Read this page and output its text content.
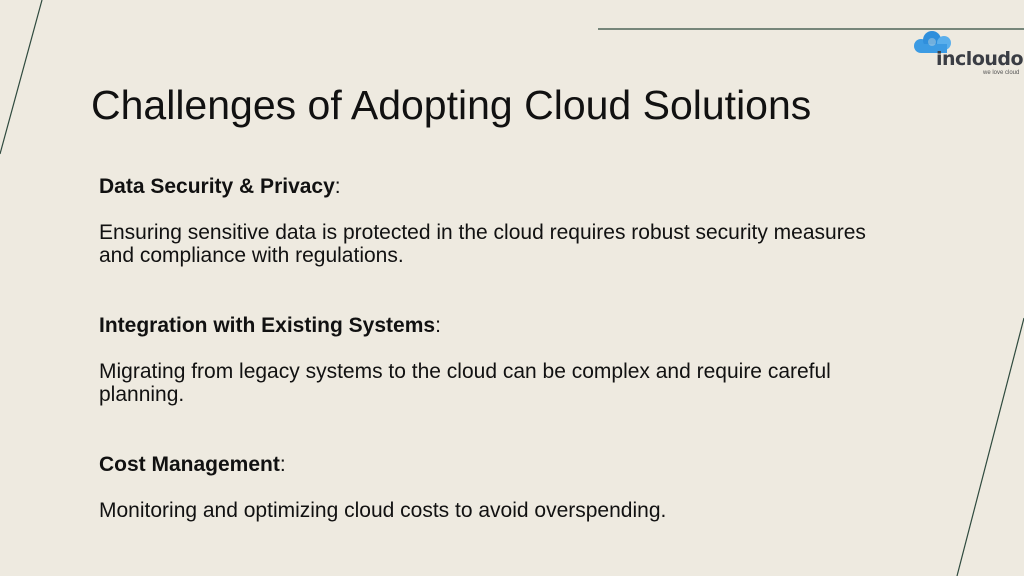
incloudo
we love cloud
Challenges of Adopting Cloud Solutions

Data Security & Privacy:

Ensuring sensitive data is protected in the cloud requires robust security measures and compliance with regulations.

Integration with Existing Systems:

Migrating from legacy systems to the cloud can be complex and require careful planning.

Cost Management:

Monitoring and optimizing cloud costs to avoid overspending.
